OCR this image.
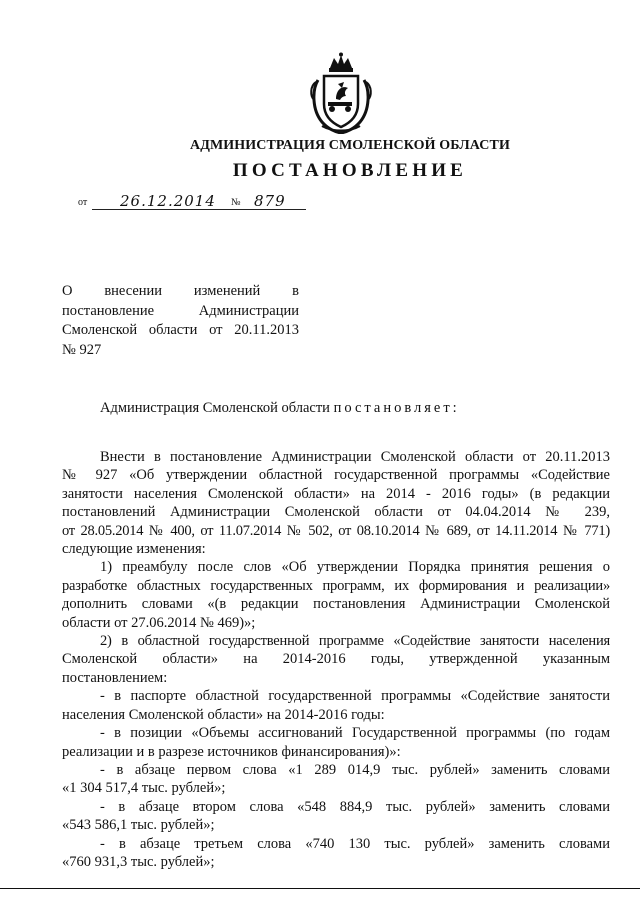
АДМИНИСТРАЦИЯ СМОЛЕНСКОЙ ОБЛАСТИ
ПОСТАНОВЛЕНИЕ
от 26.12.2014 № 879
О внесении изменений в
постановление Администрации
Смоленской области от 20.11.2013
№ 927
Администрация Смоленской области постановляет:
Внести в постановление Администрации Смоленской области от 20.11.2013
№ 927 «Об утверждении областной государственной программы «Содействие
занятости населения Смоленской области» на 2014 - 2016 годы» (в редакции
постановлений Администрации Смоленской области от 04.04.2014 № 239,
от 28.05.2014 № 400, от 11.07.2014 № 502, от 08.10.2014 № 689, от 14.11.2014 № 771)
следующие изменения:
1) преамбулу после слов «Об утверждении Порядка принятия решения о
разработке областных государственных программ, их формирования и реализации»
дополнить словами «(в редакции постановления Администрации Смоленской
области от 27.06.2014 № 469)»;
2) в областной государственной программе «Содействие занятости населения
Смоленской области» на 2014-2016 годы, утвержденной указанным
постановлением:
- в паспорте областной государственной программы «Содействие занятости
населения Смоленской области» на 2014-2016 годы:
- в позиции «Объемы ассигнований Государственной программы (по годам
реализации и в разрезе источников финансирования)»:
- в абзаце первом слова «1 289 014,9 тыс. рублей» заменить словами
«1 304 517,4 тыс. рублей»;
- в абзаце втором слова «548 884,9 тыс. рублей» заменить словами
«543 586,1 тыс. рублей»;
- в абзаце третьем слова «740 130 тыс. рублей» заменить словами
«760 931,3 тыс. рублей»;
